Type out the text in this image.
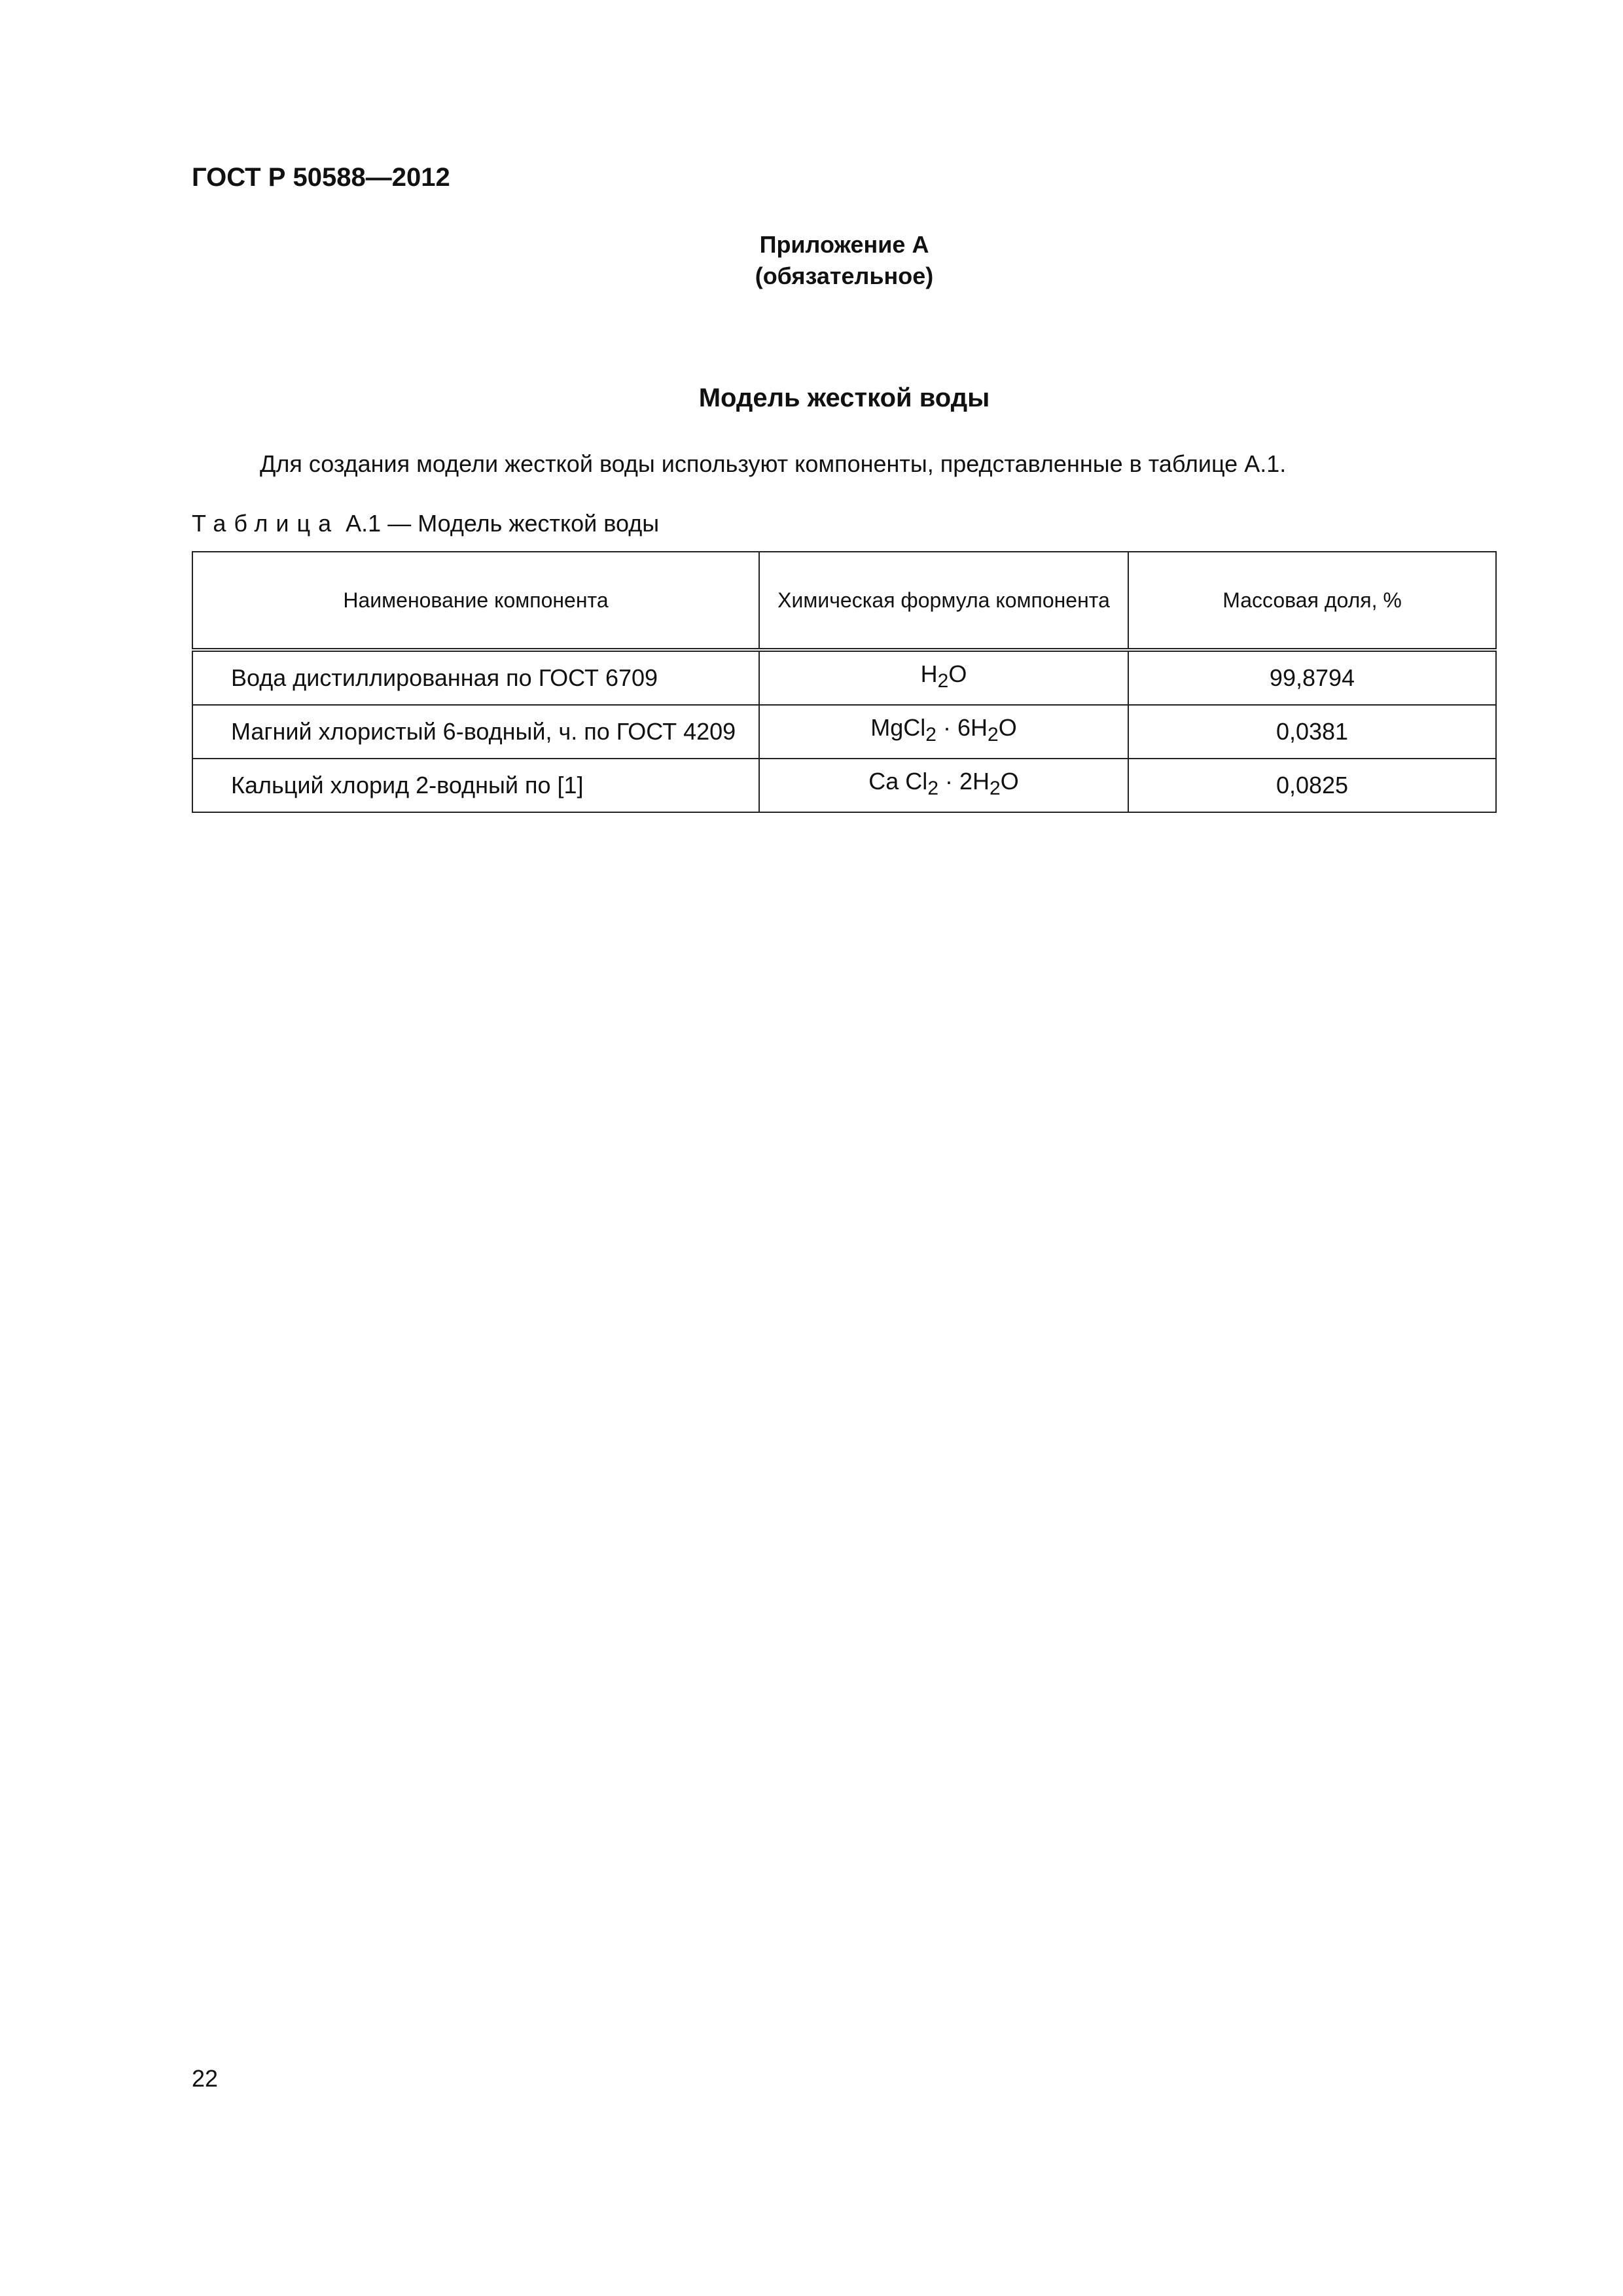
ГОСТ Р 50588—2012
Приложение А
(обязательное)
Модель жесткой воды
Для создания модели жесткой воды используют компоненты, представленные в таблице А.1.
Таблица А.1 — Модель жесткой воды
Наименование компонента	Химическая формула компонента	Массовая доля, %
Вода дистиллированная по ГОСТ 6709	$H_2O$	99,8794
Магний хлористый 6-водный, ч. по ГОСТ 4209	MgCl$_2$ · $6H_2O$	0,0381
Кальций хлорид 2-водный по [1]	Ca $Cl_2 \cdot 2H_2O$	0,0825
22
